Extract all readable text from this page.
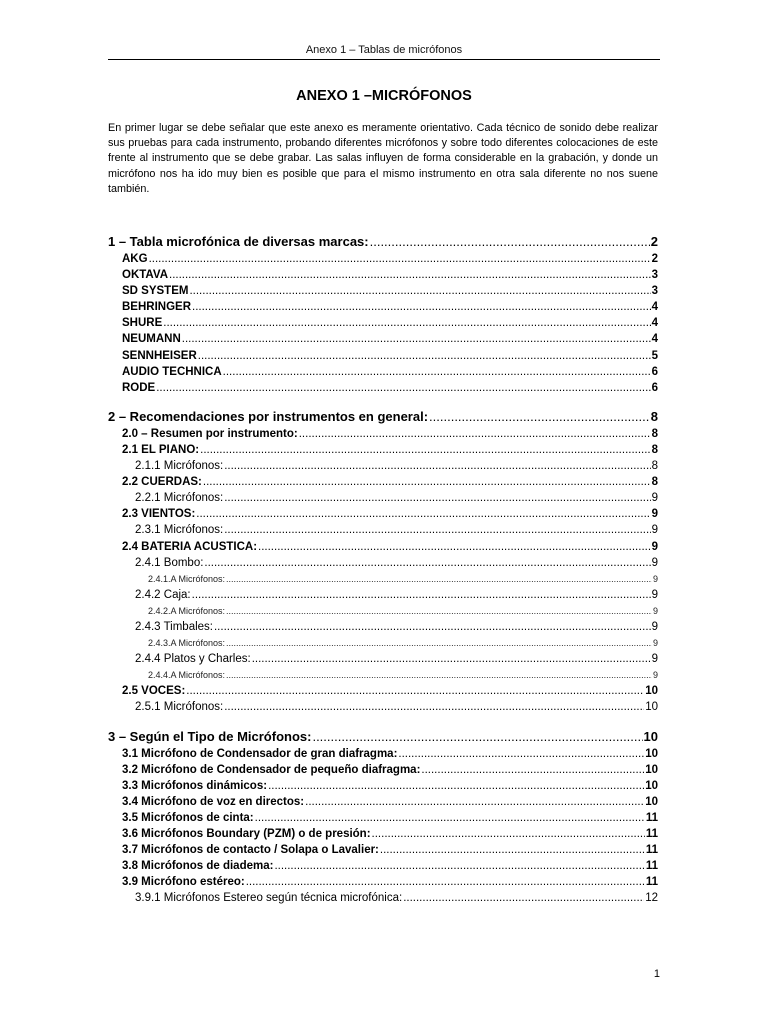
Anexo 1 – Tablas de micrófonos
ANEXO 1 –MICRÓFONOS

En primer lugar se debe señalar que este anexo es meramente orientativo. Cada técnico de sonido debe realizar sus pruebas para cada instrumento, probando diferentes micrófonos y sobre todo diferentes colocaciones de este frente al instrumento que se debe grabar. Las salas influyen de forma considerable en la grabación, y donde un micrófono nos ha ido muy bien es posible que para el mismo instrumento en otra sala diferente no nos suene también.

1 – Tabla microfónica de diversas marcas: .....	2
AKG .....	2
OKTAVA .....	3
SD SYSTEM .....	3
BEHRINGER .....	4
SHURE .....	4
NEUMANN .....	4
SENNHEISER .....	5
AUDIO TECHNICA .....	6
RODE .....	6
2 – Recomendaciones por instrumentos en general: .....	8
2.0 – Resumen por instrumento: .....	8
2.1 EL PIANO: .....	8
2.1.1 Micrófonos: .....	8
2.2 CUERDAS: .....	8
2.2.1 Micrófonos: .....	9
2.3 VIENTOS: .....	9
2.3.1 Micrófonos: .....	9
2.4 BATERIA ACUSTICA: .....	9
2.4.1 Bombo: .....	9
2.4.1.A Micrófonos: .....	9
2.4.2 Caja: .....	9
2.4.2.A Micrófonos: .....	9
2.4.3 Timbales: .....	9
2.4.3.A Micrófonos: .....	9
2.4.4 Platos y Charles: .....	9
2.4.4.A Micrófonos: .....	9
2.5 VOCES: .....	10
2.5.1 Micrófonos: .....	10
3 – Según el Tipo de Micrófonos: .....	10
3.1 Micrófono de Condensador de gran diafragma: .....	10
3.2 Micrófono de Condensador de pequeño diafragma: .....	10
3.3 Micrófonos dinámicos: .....	10
3.4 Micrófono de voz en directos: .....	10
3.5 Micrófonos de cinta: .....	11
3.6 Micrófonos Boundary (PZM) o de presión: .....	11
3.7 Micrófonos de contacto / Solapa o Lavalier: .....	11
3.8 Micrófonos de diadema: .....	11
3.9 Micrófono estéreo: .....	11
3.9.1 Micrófonos Estereo según técnica microfónica: .....	12
1
